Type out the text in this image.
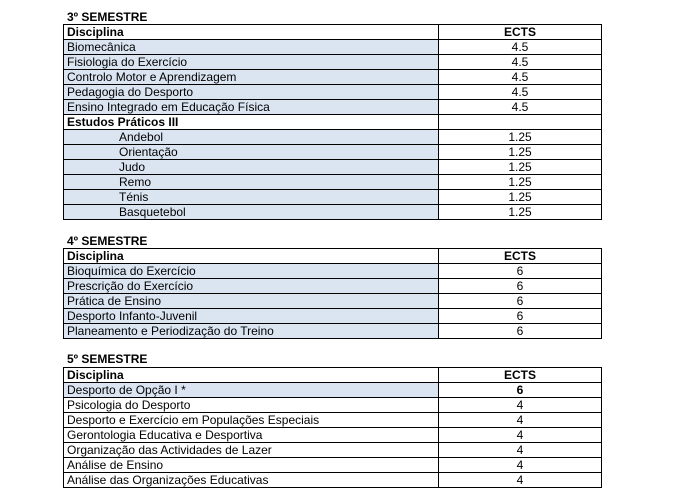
3º SEMESTRE
Disciplina	ECTS
Biomecânica	4.5
Fisiologia do Exercício	4.5
Controlo Motor e Aprendizagem	4.5
Pedagogia do Desporto	4.5
Ensino Integrado em Educação Física	4.5
Estudos Práticos III	
Andebol	1.25
Orientação	1.25
Judo	1.25
Remo	1.25
Ténis	1.25
Basquetebol	1.25
4º SEMESTRE
Disciplina	ECTS
Bioquímica do Exercício	6
Prescrição do Exercício	6
Prática de Ensino	6
Desporto Infanto-Juvenil	6
Planeamento e Periodização do Treino	6
5º SEMESTRE
Disciplina	ECTS
Desporto de Opção I *	6
Psicologia do Desporto	4
Desporto e Exercício em Populações Especiais	4
Gerontologia Educativa e Desportiva	4
Organização das Actividades de Lazer	4
Análise de Ensino	4
Análise das Organizações Educativas	4
